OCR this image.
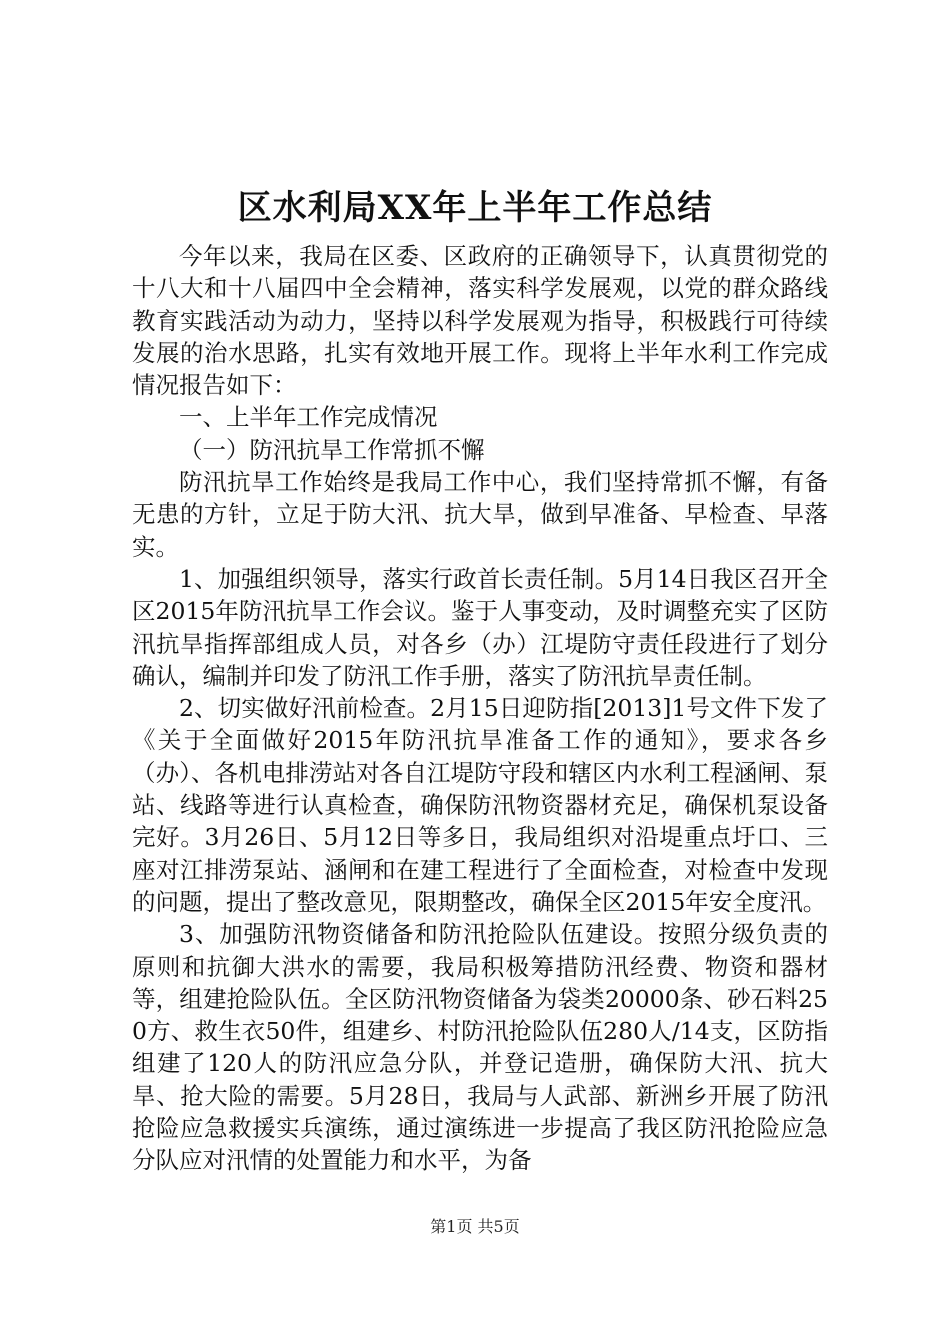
区水利局XX年上半年工作总结

今年以来，我局在区委、区政府的正确领导下，认真贯彻党的十八大和十八届四中全会精神，落实科学发展观，以党的群众路线教育实践活动为动力，坚持以科学发展观为指导，积极践行可待续发展的治水思路，扎实有效地开展工作。现将上半年水利工作完成情况报告如下：

一、上半年工作完成情况

（一）防汛抗旱工作常抓不懈

防汛抗旱工作始终是我局工作中心，我们坚持常抓不懈，有备无患的方针，立足于防大汛、抗大旱，做到早准备、早检查、早落实。

1、加强组织领导，落实行政首长责任制。5月14日我区召开全区2015年防汛抗旱工作会议。鉴于人事变动，及时调整充实了区防汛抗旱指挥部组成人员，对各乡（办）江堤防守责任段进行了划分确认，编制并印发了防汛工作手册，落实了防汛抗旱责任制。

2、切实做好汛前检查。2月15日迎防指[2013]1号文件下发了《关于全面做好2015年防汛抗旱准备工作的通知》，要求各乡（办）、各机电排涝站对各自江堤防守段和辖区内水利工程涵闸、泵站、线路等进行认真检查，确保防汛物资器材充足，确保机泵设备完好。3月26日、5月12日等多日，我局组织对沿堤重点圩口、三座对江排涝泵站、涵闸和在建工程进行了全面检查，对检查中发现的问题，提出了整改意见，限期整改，确保全区2015年安全度汛。

3、加强防汛物资储备和防汛抢险队伍建设。按照分级负责的原则和抗御大洪水的需要，我局积极筹措防汛经费、物资和器材等，组建抢险队伍。全区防汛物资储备为袋类20000条、砂石料250方、救生衣50件，组建乡、村防汛抢险队伍280人/14支，区防指组建了120人的防汛应急分队，并登记造册，确保防大汛、抗大旱、抢大险的需要。5月28日，我局与人武部、新洲乡开展了防汛抢险应急救援实兵演练，通过演练进一步提高了我区防汛抢险应急分队应对汛情的处置能力和水平，为备

第1页 共5页
